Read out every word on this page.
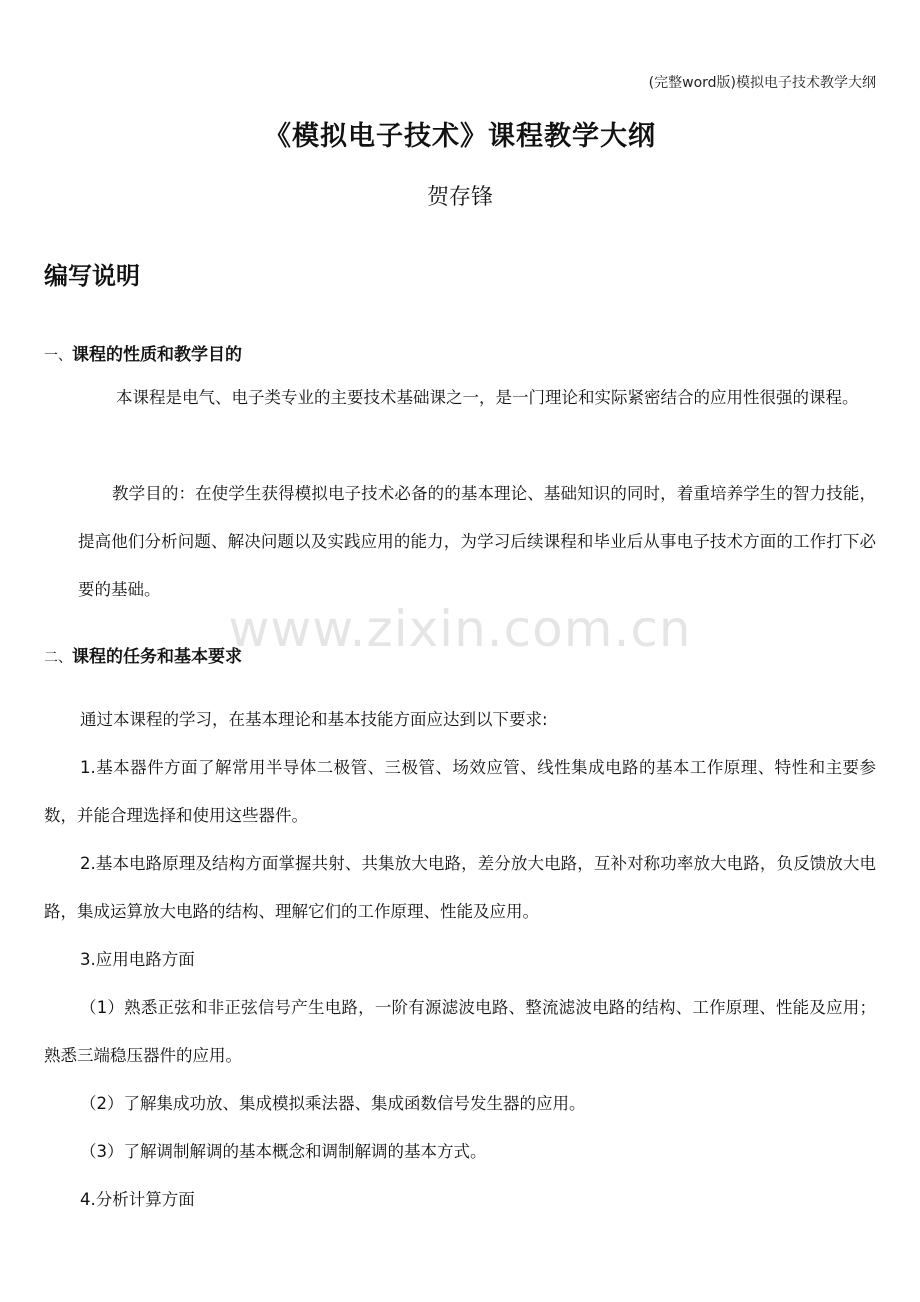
(完整word版)模拟电子技术教学大纲
《模拟电子技术》课程教学大纲
贺存锋
编写说明
一、课程的性质和教学目的
本课程是电气、电子类专业的主要技术基础课之一，是一门理论和实际紧密结合的应用性很强的课程。
教学目的：在使学生获得模拟电子技术必备的的基本理论、基础知识的同时，着重培养学生的智力技能，提高他们分析问题、解决问题以及实践应用的能力，为学习后续课程和毕业后从事电子技术方面的工作打下必要的基础。
www.zixin.com.cn
二、课程的任务和基本要求
通过本课程的学习，在基本理论和基本技能方面应达到以下要求:
1.基本器件方面了解常用半导体二极管、三极管、场效应管、线性集成电路的基本工作原理、特性和主要参数，并能合理选择和使用这些器件。
2.基本电路原理及结构方面掌握共射、共集放大电路，差分放大电路，互补对称功率放大电路，负反馈放大电路，集成运算放大电路的结构、理解它们的工作原理、性能及应用。
3.应用电路方面
（1）熟悉正弦和非正弦信号产生电路，一阶有源滤波电路、整流滤波电路的结构、工作原理、性能及应用；熟悉三端稳压器件的应用。
（2）了解集成功放、集成模拟乘法器、集成函数信号发生器的应用。
（3）了解调制解调的基本概念和调制解调的基本方式。
4.分析计算方面
